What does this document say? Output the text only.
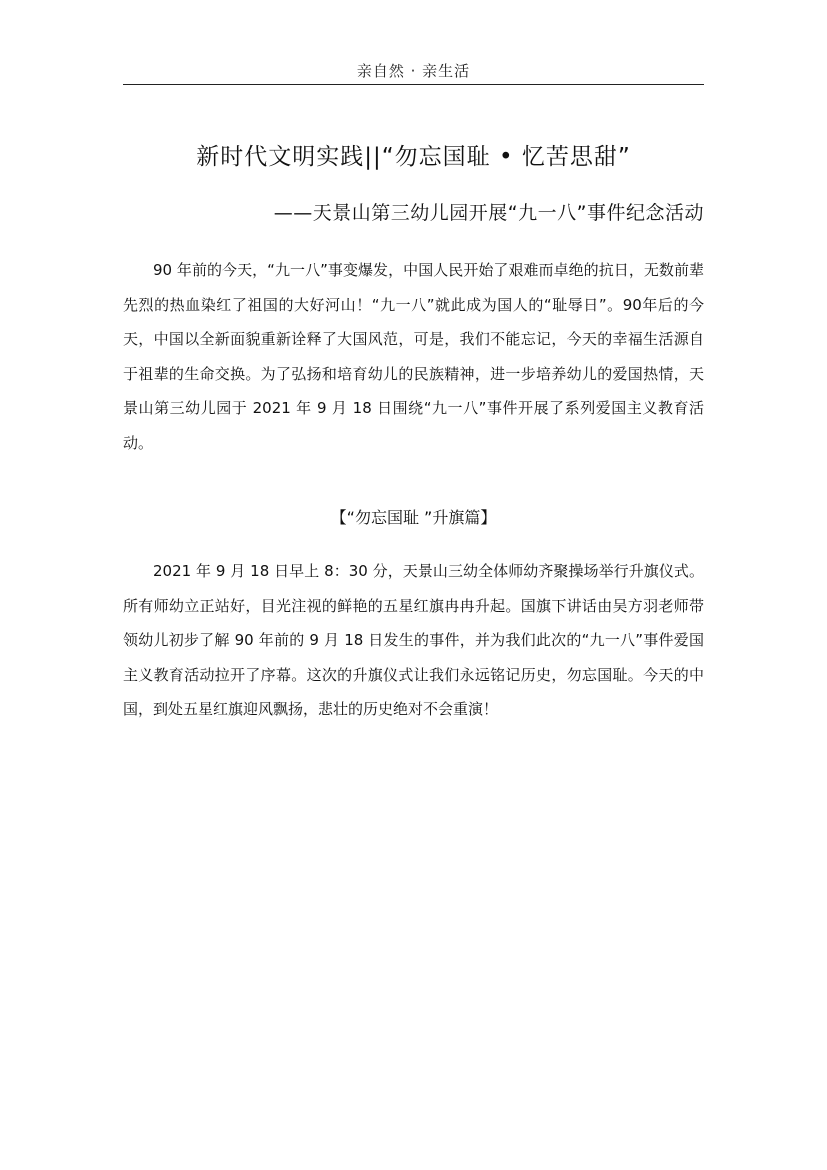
亲自然 · 亲生活
新时代文明实践||“勿忘国耻 • 忆苦思甜”
——天景山第三幼儿园开展“九一八”事件纪念活动

90 年前的今天，“九一八”事变爆发，中国人民开始了艰难而卓绝的抗日，无数前辈先烈的热血染红了祖国的大好河山！“九一八”就此成为国人的“耻辱日”。90年后的今天，中国以全新面貌重新诠释了大国风范，可是，我们不能忘记，今天的幸福生活源自于祖辈的生命交换。为了弘扬和培育幼儿的民族精神，进一步培养幼儿的爱国热情，天景山第三幼儿园于 2021 年 9 月 18 日围绕“九一八”事件开展了系列爱国主义教育活动。

【“勿忘国耻 ”升旗篇】

2021 年 9 月 18 日早上 8：30 分，天景山三幼全体师幼齐聚操场举行升旗仪式。所有师幼立正站好，目光注视的鲜艳的五星红旗冉冉升起。国旗下讲话由吴方羽老师带领幼儿初步了解 90 年前的 9 月 18 日发生的事件，并为我们此次的“九一八”事件爱国主义教育活动拉开了序幕。这次的升旗仪式让我们永远铭记历史，勿忘国耻。今天的中国，到处五星红旗迎风飘扬，悲壮的历史绝对不会重演！
